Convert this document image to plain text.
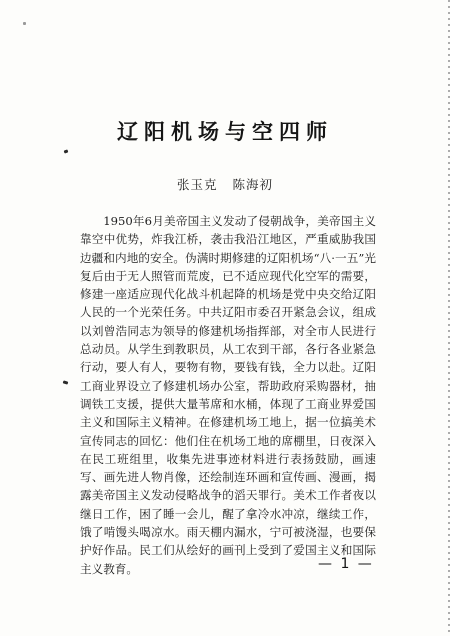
辽阳机场与空四师
张玉克 陈海初

1950年6月美帝国主义发动了侵朝战争，美帝国主义靠空中优势，炸我江桥，袭击我沿江地区，严重威胁我国边疆和内地的安全。伪满时期修建的辽阳机场“八·一五”光复后由于无人照管而荒废，已不适应现代化空军的需要，修建一座适应现代化战斗机起降的机场是党中央交给辽阳人民的一个光荣任务。中共辽阳市委召开紧急会议，组成以刘曾浩同志为领导的修建机场指挥部，对全市人民进行总动员。从学生到教职员，从工农到干部，各行各业紧急行动，要人有人，要物有物，要钱有钱，全力以赴。辽阳工商业界设立了修建机场办公室，帮助政府采购器材，抽调铁工支援，提供大量苇席和水桶，体现了工商业界爱国主义和国际主义精神。在修建机场工地上，据一位搞美术宣传同志的回忆：他们住在机场工地的席棚里，日夜深入在民工班组里，收集先进事迹材料进行表扬鼓励，画速写、画先进人物肖像，还绘制连环画和宣传画、漫画，揭露美帝国主义发动侵略战争的滔天罪行。美术工作者夜以继日工作，困了睡一会儿，醒了拿冷水冲凉，继续工作，饿了啃馒头喝凉水。雨天棚内漏水，宁可被浇湿，也要保护好作品。民工们从绘好的画刊上受到了爱国主义和国际主义教育。	— 1 —
